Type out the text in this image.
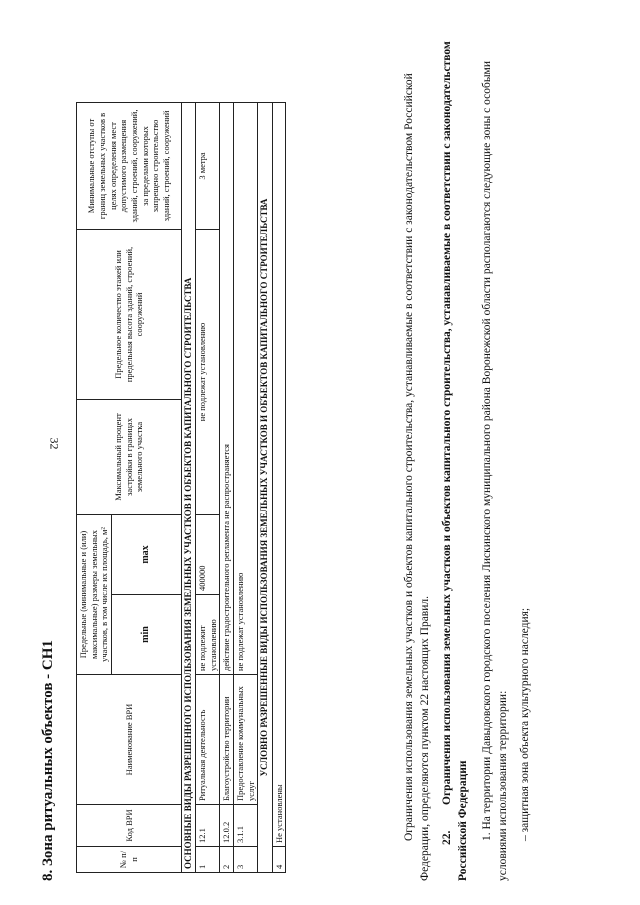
32
8. Зона ритуальных объектов - СН1	№ п/п	Код ВРИ	Наименование ВРИ	Предельные (минимальные и (или) максимальные) размеры земельных участков, в том числе их площадь, м²		Максимальный процент застройки в границах земельного участка	Предельное количество этажей или предельная высота зданий, строений, сооружений	Минимальные отступы от границ земельных участков в целях определения мест допустимого размещения зданий, строений, сооружений, за пределами которых запрещено строительство зданий, строений, сооружений
			min	max			
ОСНОВНЫЕ ВИДЫ РАЗРЕШЕННОГО ИСПОЛЬЗОВАНИЯ ЗЕМЕЛЬНЫХ УЧАСТКОВ И ОБЪЕКТОВ КАПИТАЛЬНОГО СТРОИТЕЛЬСТВА							
1	12.1	Ритуальная деятельность	не подлежит установлению	400000	не подлежат установлению		3 метра
2	12.0.2	Благоустройство территории	действие градостроительного регламента не распространяется				
3	3.1.1	Предоставление коммунальных услуг	не подлежат установлению				
УСЛОВНО РАЗРЕШЕННЫЕ ВИДЫ ИСПОЛЬЗОВАНИЯ ЗЕМЕЛЬНЫХ УЧАСТКОВ И ОБЪЕКТОВ КАПИТАЛЬНОГО СТРОИТЕЛЬСТВА							
4	Не установлены							Ограничения использования земельных участков и объектов капитального строительства, устанавливаемые в соответствии с законодательством Российской Федерации, определяются пунктом 22 настоящих Правил. 22.Ограничения использования земельных участков и объектов капитального строительства, устанавливаемые в соответствии с законодательством Российской Федерации 1. На территории Давыдовского городского поселения Лискинского муниципального района Воронежской области располагаются следующие зоны с особыми условиями использования территории: – защитная зона объекта культурного наследия;
